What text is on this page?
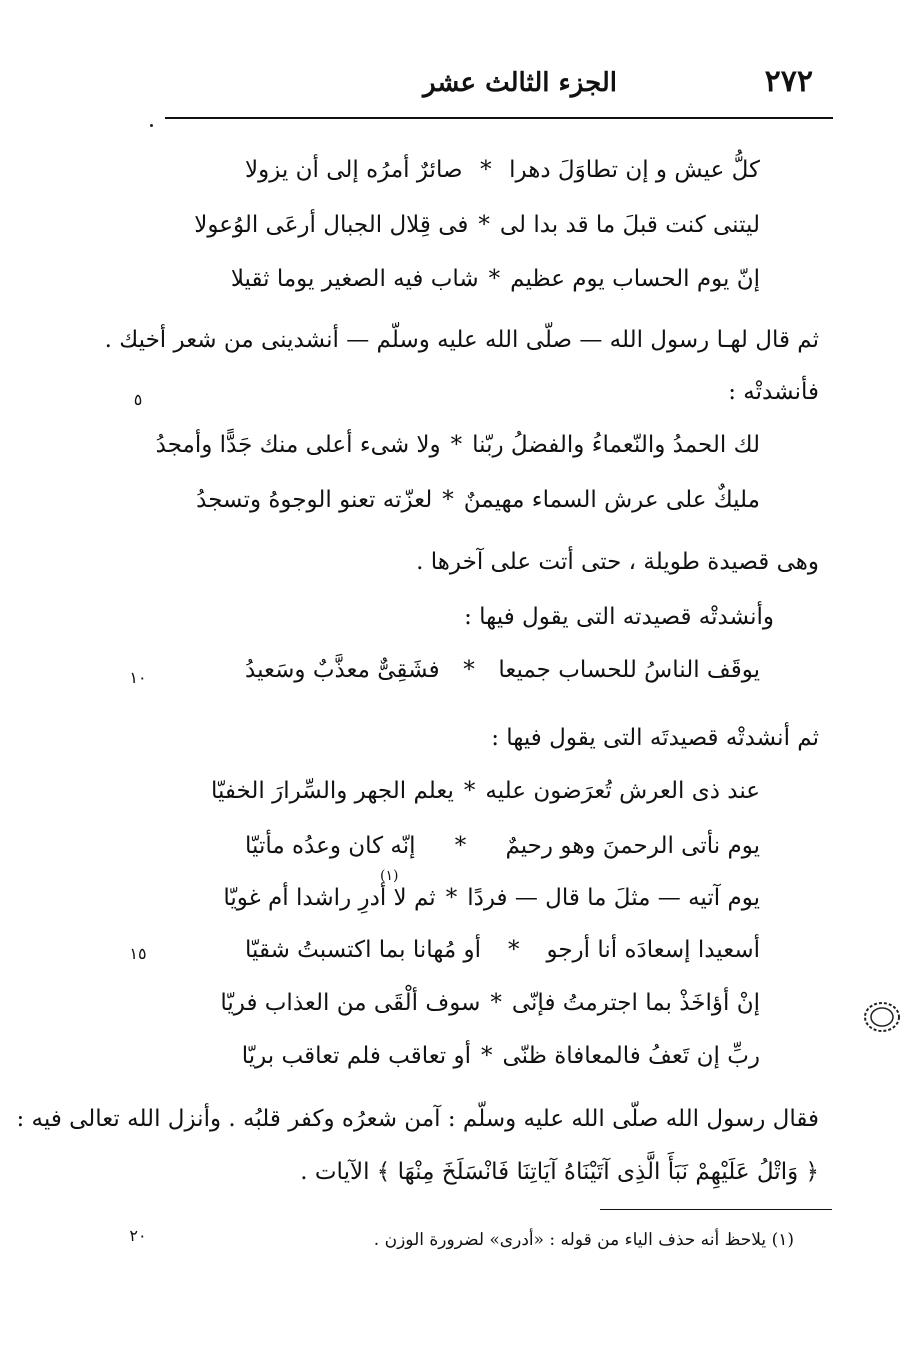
٢٧٢
الجزء الثالث عشر
كلُّ عيش و إن تطاوَلَ دهرا
*
صائرٌ أمرُه إلى أن يزولا
ليتنى كنت قبلَ ما قد بدا لى
*
فى قِلال الجبال أرعَى الوُعولا
إنّ يوم الحساب يوم عظيم
*
شاب فيه الصغير يوما ثقيلا
ثم قال لهـا رسول الله — صلّى الله عليه وسلّم — أنشدينى من شعر أخيك .
فأنشدتْه :
٥
لك الحمدُ والنّعماءُ والفضلُ ربّنا
*
ولا شىء أعلى منك جَدًّا وأمجدُ
مليكٌ على عرش السماء مهيمنٌ
*
لعزّته تعنو الوجوهُ وتسجدُ
وهى قصيدة طويلة ، حتى أتت على آخرها .
وأنشدتْه قصيدته التى يقول فيها :
يوقَف الناسُ للحساب جميعا
*
فشَقِىٌّ معذَّبٌ وسَعيدُ
١٠
ثم أنشدتْه قصيدتَه التى يقول فيها :
عند ذى العرش تُعرَضون عليه
*
يعلم الجهر والسِّرارَ الخفيّا
يوم نأتى الرحمنَ وهو رحيمٌ
*
إنّه كان وعدُه مأتيّا
(١)
يوم آتيه — مثلَ ما قال — فردًا
*
ثم لا أدرِ راشدا أم غويّا
أسعيدا إسعادَه أنا أرجو
*
أو مُهانا بما اكتسبتُ شقيّا
١٥
إنْ أؤاخَذْ بما اجترمتُ فإنّى
*
سوف ألْقَى من العذاب فريّا
ربِّ إن تَعفُ فالمعافاة ظنّى
*
أو تعاقب فلم تعاقب بريّا
فقال رسول الله صلّى الله عليه وسلّم : آمن شعرُه وكفر قلبُه . وأنزل الله تعالى فيه :
﴿ وَاتْلُ عَلَيْهِمْ نَبَأَ الَّذِى آتَيْنَاهُ آيَاتِنَا فَانْسَلَخَ مِنْهَا ﴾ الآيات .
٢٠	(١) يلاحظ أنه حذف الياء من قوله : «أدرى» لضرورة الوزن .
